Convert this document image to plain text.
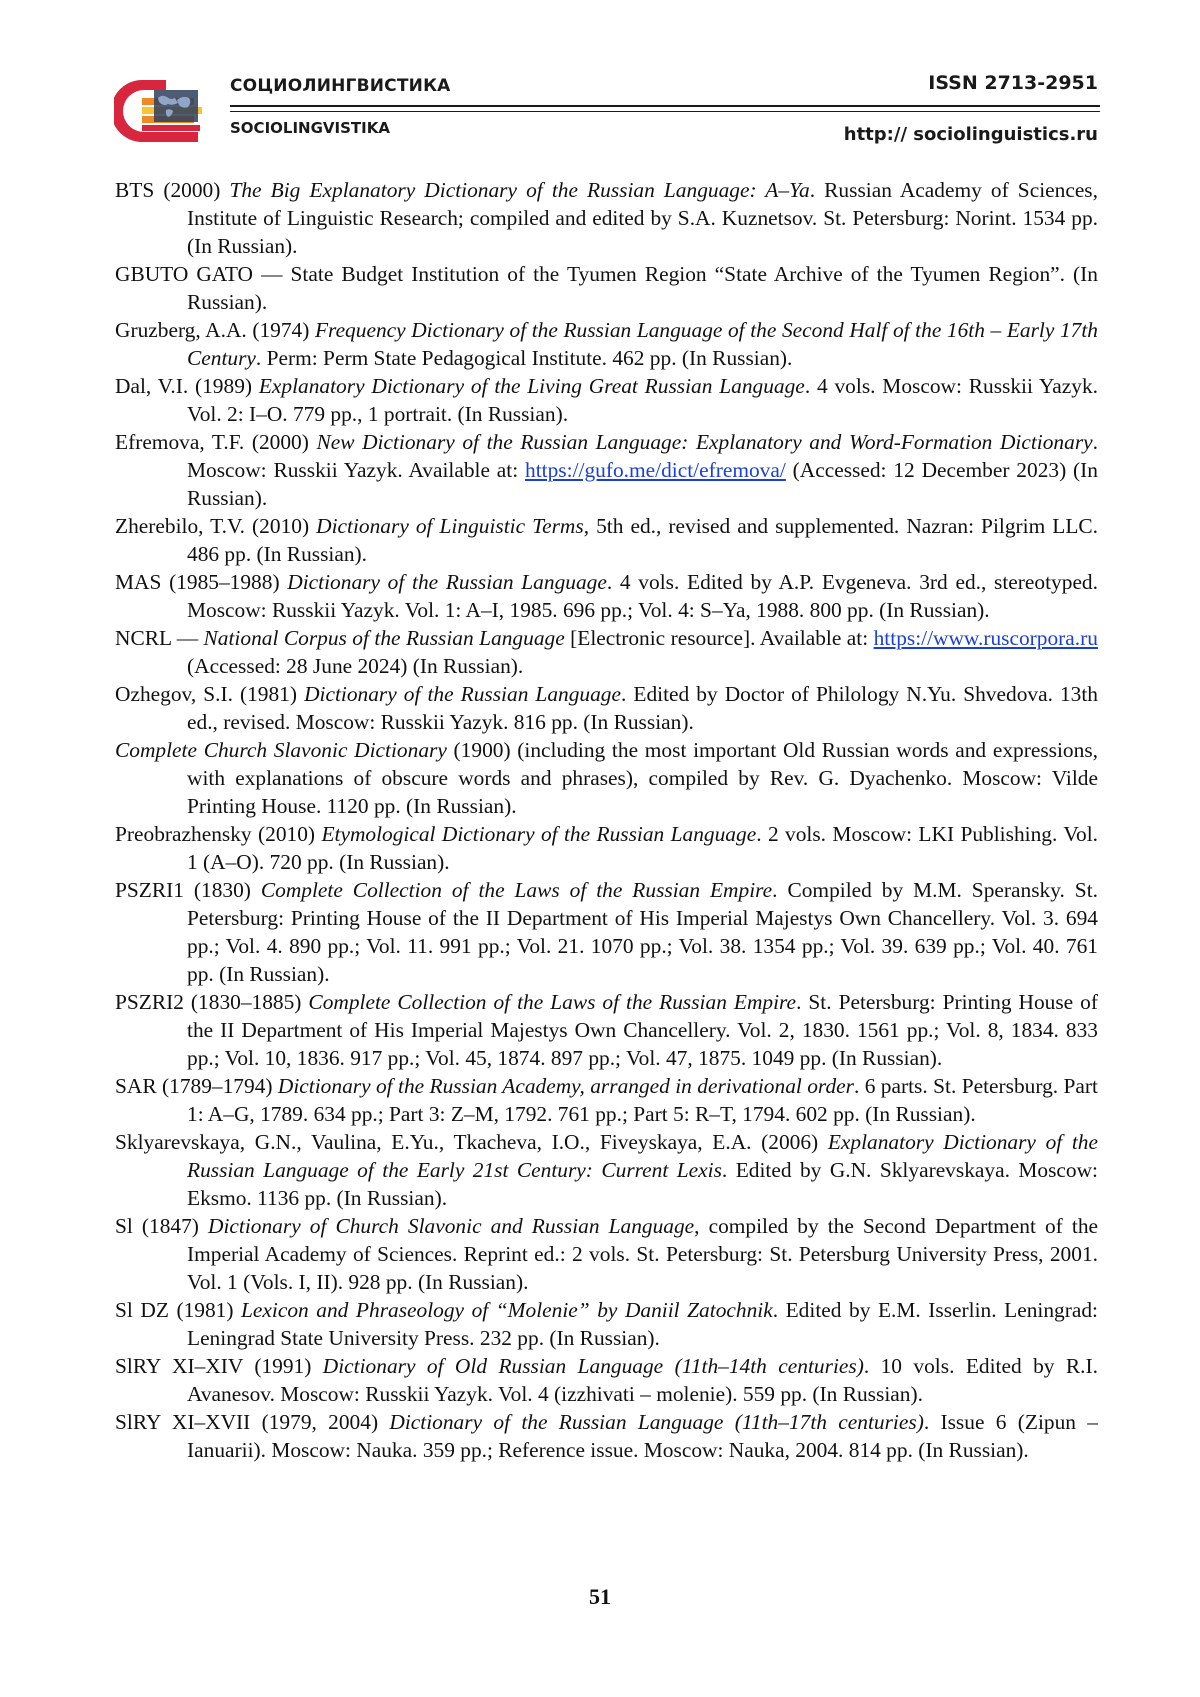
СОЦИОЛИНГВИСТИКА
SOCIOLINGVISTIKA
ISSN 2713-2951
http:// sociolinguistics.ru

BTS (2000) The Big Explanatory Dictionary of the Russian Language: A–Ya. Russian Academy of Sciences, Institute of Linguistic Research; compiled and edited by S.A. Kuznetsov. St. Petersburg: Norint. 1534 pp. (In Russian).

GBUTO GATO — State Budget Institution of the Tyumen Region “State Archive of the Tyumen Region”. (In Russian).

Gruzberg, A.A. (1974) Frequency Dictionary of the Russian Language of the Second Half of the 16th – Early 17th Century. Perm: Perm State Pedagogical Institute. 462 pp. (In Russian).

Dal, V.I. (1989) Explanatory Dictionary of the Living Great Russian Language. 4 vols. Moscow: Russkii Yazyk. Vol. 2: I–O. 779 pp., 1 portrait. (In Russian).

Efremova, T.F. (2000) New Dictionary of the Russian Language: Explanatory and Word-Formation Dictionary. Moscow: Russkii Yazyk. Available at: https://gufo.me/dict/efremova/ (Accessed: 12 December 2023) (In Russian).

Zherebilo, T.V. (2010) Dictionary of Linguistic Terms, 5th ed., revised and supplemented. Nazran: Pilgrim LLC. 486 pp. (In Russian).

MAS (1985–1988) Dictionary of the Russian Language. 4 vols. Edited by A.P. Evgeneva. 3rd ed., stereotyped. Moscow: Russkii Yazyk. Vol. 1: A–I, 1985. 696 pp.; Vol. 4: S–Ya, 1988. 800 pp. (In Russian).

NCRL — National Corpus of the Russian Language [Electronic resource]. Available at: https://www.ruscorpora.ru (Accessed: 28 June 2024) (In Russian).

Ozhegov, S.I. (1981) Dictionary of the Russian Language. Edited by Doctor of Philology N.Yu. Shvedova. 13th ed., revised. Moscow: Russkii Yazyk. 816 pp. (In Russian).

Complete Church Slavonic Dictionary (1900) (including the most important Old Russian words and expressions, with explanations of obscure words and phrases), compiled by Rev. G. Dyachenko. Moscow: Vilde Printing House. 1120 pp. (In Russian).

Preobrazhensky (2010) Etymological Dictionary of the Russian Language. 2 vols. Moscow: LKI Publishing. Vol. 1 (A–O). 720 pp. (In Russian).

PSZRI1 (1830) Complete Collection of the Laws of the Russian Empire. Compiled by M.M. Speransky. St. Petersburg: Printing House of the II Department of His Imperial Majestys Own Chancellery. Vol. 3. 694 pp.; Vol. 4. 890 pp.; Vol. 11. 991 pp.; Vol. 21. 1070 pp.; Vol. 38. 1354 pp.; Vol. 39. 639 pp.; Vol. 40. 761 pp. (In Russian).

PSZRI2 (1830–1885) Complete Collection of the Laws of the Russian Empire. St. Petersburg: Printing House of the II Department of His Imperial Majestys Own Chancellery. Vol. 2, 1830. 1561 pp.; Vol. 8, 1834. 833 pp.; Vol. 10, 1836. 917 pp.; Vol. 45, 1874. 897 pp.; Vol. 47, 1875. 1049 pp. (In Russian).

SAR (1789–1794) Dictionary of the Russian Academy, arranged in derivational order. 6 parts. St. Petersburg. Part 1: A–G, 1789. 634 pp.; Part 3: Z–M, 1792. 761 pp.; Part 5: R–T, 1794. 602 pp. (In Russian).

Sklyarevskaya, G.N., Vaulina, E.Yu., Tkacheva, I.O., Fiveyskaya, E.A. (2006) Explanatory Dictionary of the Russian Language of the Early 21st Century: Current Lexis. Edited by G.N. Sklyarevskaya. Moscow: Eksmo. 1136 pp. (In Russian).

Sl (1847) Dictionary of Church Slavonic and Russian Language, compiled by the Second Department of the Imperial Academy of Sciences. Reprint ed.: 2 vols. St. Petersburg: St. Petersburg University Press, 2001. Vol. 1 (Vols. I, II). 928 pp. (In Russian).

Sl DZ (1981) Lexicon and Phraseology of “Molenie” by Daniil Zatochnik. Edited by E.M. Isserlin. Leningrad: Leningrad State University Press. 232 pp. (In Russian).

SlRY XI–XIV (1991) Dictionary of Old Russian Language (11th–14th centuries). 10 vols. Edited by R.I. Avanesov. Moscow: Russkii Yazyk. Vol. 4 (izzhivati – molenie). 559 pp. (In Russian).

SlRY XI–XVII (1979, 2004) Dictionary of the Russian Language (11th–17th centuries). Issue 6 (Zipun – Ianuarii). Moscow: Nauka. 359 pp.; Reference issue. Moscow: Nauka, 2004. 814 pp. (In Russian).

51
